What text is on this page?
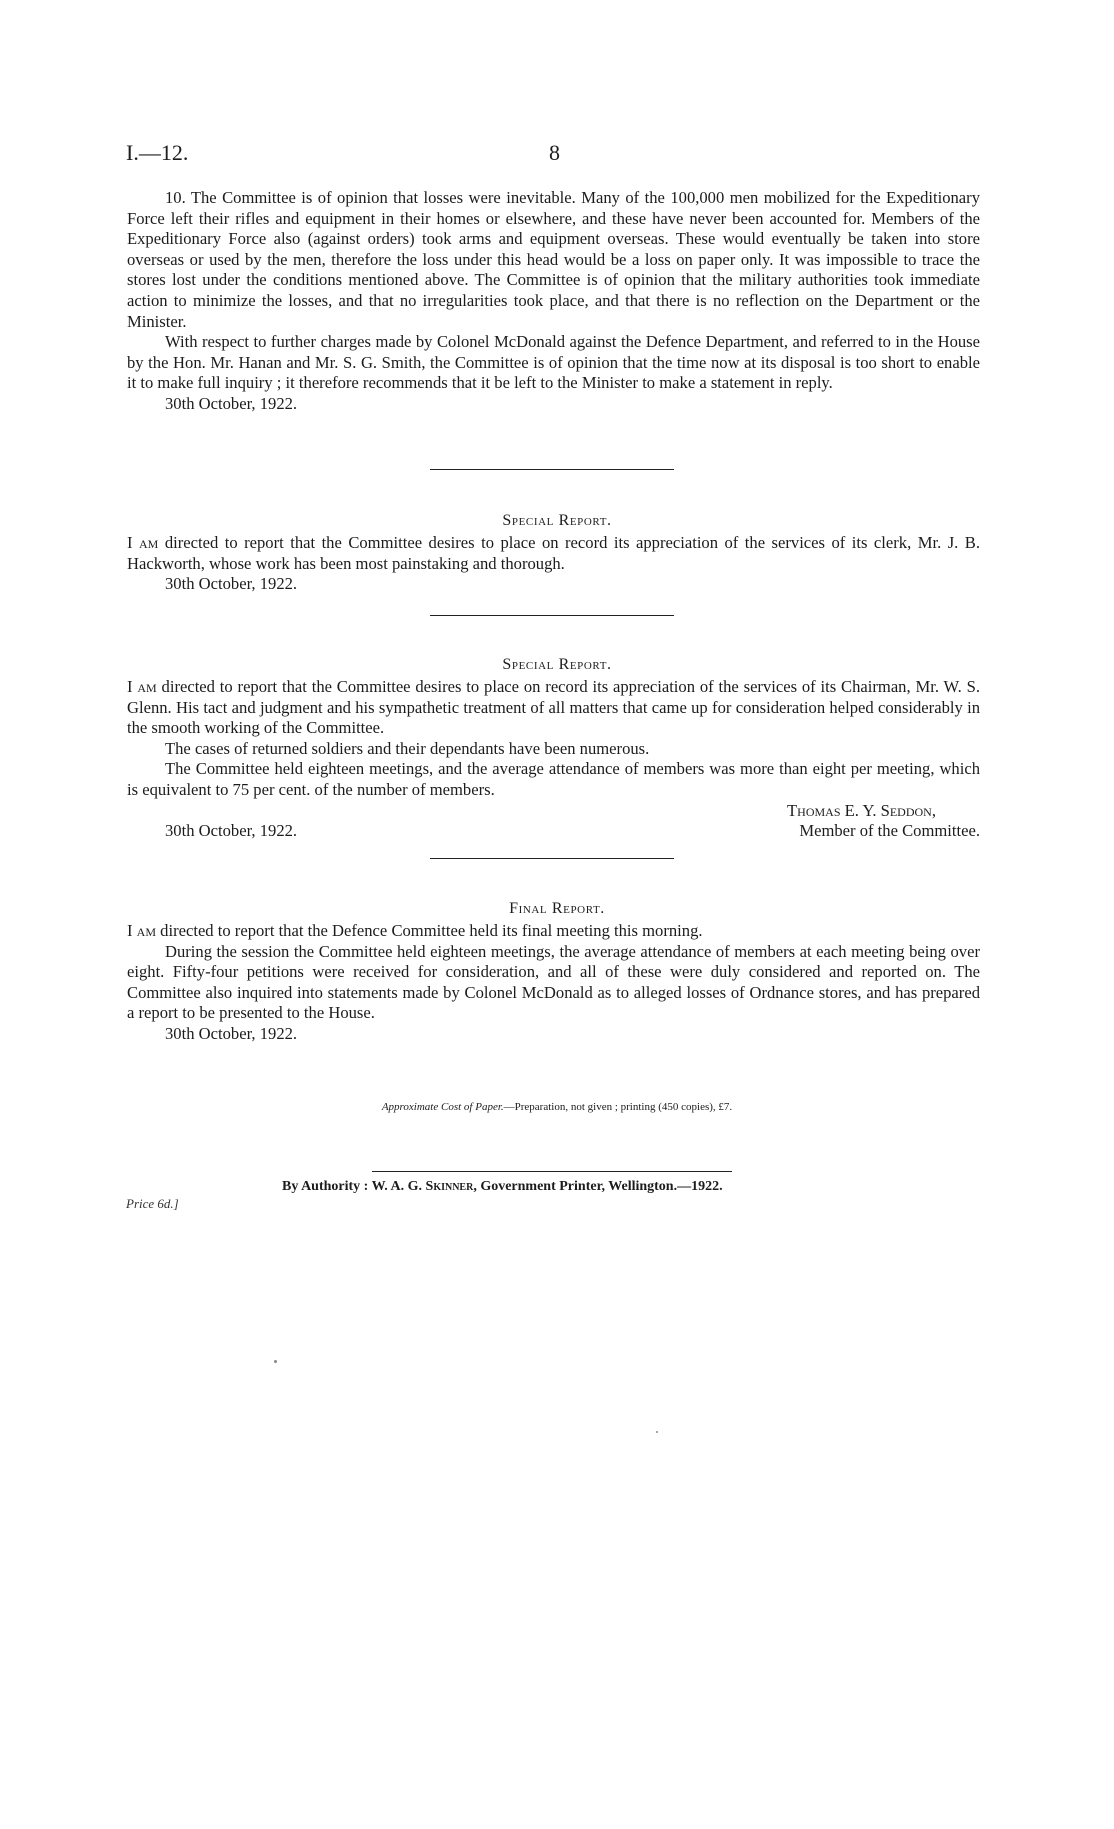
I.—12.	8

10. The Committee is of opinion that losses were inevitable. Many of the 100,000 men mobilized for the Expeditionary Force left their rifles and equipment in their homes or elsewhere, and these have never been accounted for. Members of the Expeditionary Force also (against orders) took arms and equipment overseas. These would eventually be taken into store overseas or used by the men, therefore the loss under this head would be a loss on paper only. It was impossible to trace the stores lost under the conditions mentioned above. The Committee is of opinion that the military authorities took immediate action to minimize the losses, and that no irregularities took place, and that there is no reflection on the Department or the Minister.

With respect to further charges made by Colonel McDonald against the Defence Department, and referred to in the House by the Hon. Mr. Hanan and Mr. S. G. Smith, the Committee is of opinion that the time now at its disposal is too short to enable it to make full inquiry ; it therefore recommends that it be left to the Minister to make a statement in reply.

30th October, 1922.

Special Report.

I am directed to report that the Committee desires to place on record its appreciation of the services of its clerk, Mr. J. B. Hackworth, whose work has been most painstaking and thorough.

30th October, 1922.

Special Report.

I am directed to report that the Committee desires to place on record its appreciation of the services of its Chairman, Mr. W. S. Glenn. His tact and judgment and his sympathetic treatment of all matters that came up for consideration helped considerably in the smooth working of the Committee.

The cases of returned soldiers and their dependants have been numerous.

The Committee held eighteen meetings, and the average attendance of members was more than eight per meeting, which is equivalent to 75 per cent. of the number of members.

Thomas E. Y. Seddon,
30th October, 1922.	Member of the Committee.
Final Report.

I am directed to report that the Defence Committee held its final meeting this morning.

During the session the Committee held eighteen meetings, the average attendance of members at each meeting being over eight. Fifty-four petitions were received for consideration, and all of these were duly considered and reported on. The Committee also inquired into statements made by Colonel McDonald as to alleged losses of Ordnance stores, and has prepared a report to be presented to the House.

30th October, 1922.

Approximate Cost of Paper.—Preparation, not given ; printing (450 copies), £7.
By Authority : W. A. G. Skinner, Government Printer, Wellington.—1922.
Price 6d.]
